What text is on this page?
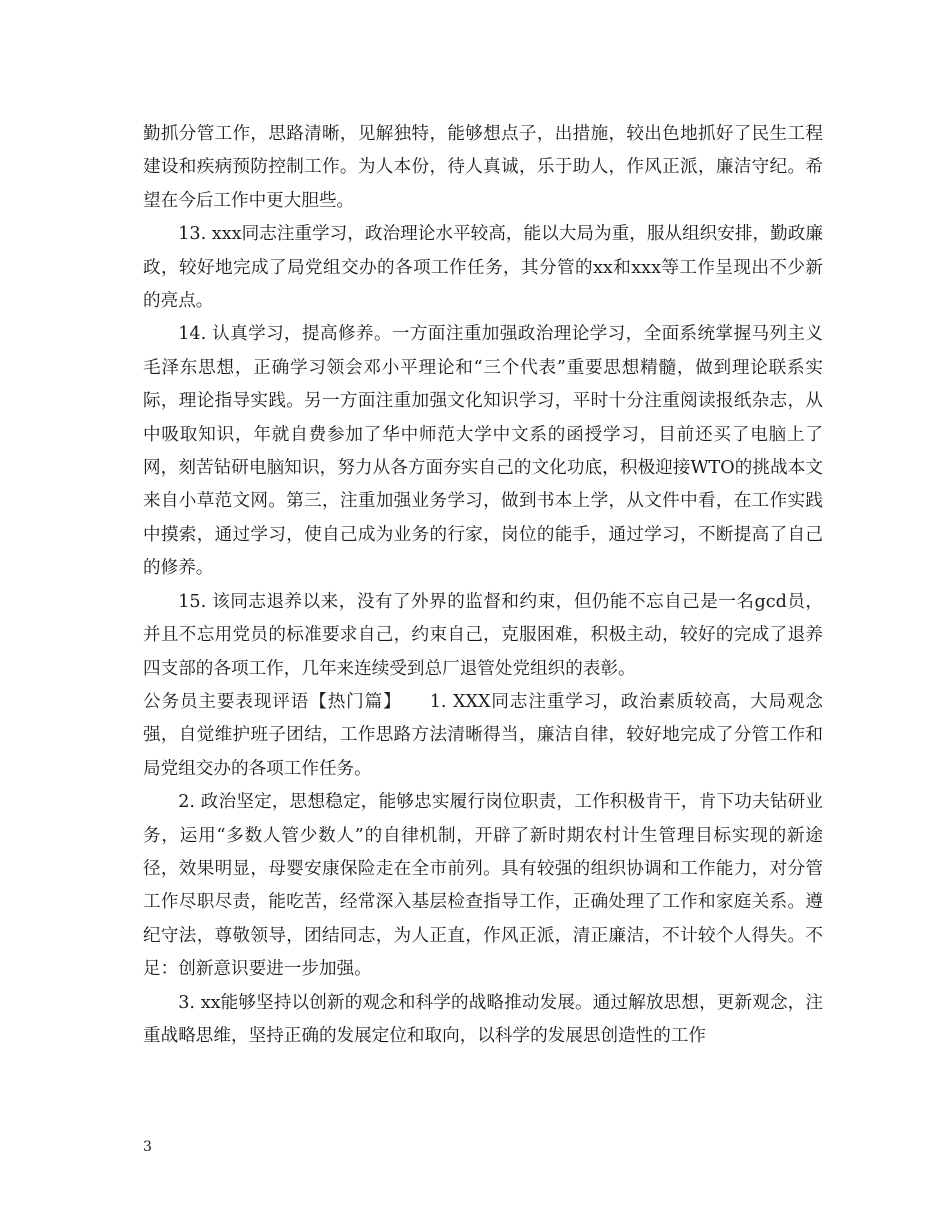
勤抓分管工作，思路清晰，见解独特，能够想点子，出措施，较出色地抓好了民生工程建设和疾病预防控制工作。为人本份，待人真诚，乐于助人，作风正派，廉洁守纪。希望在今后工作中更大胆些。

13. xxx同志注重学习，政治理论水平较高，能以大局为重，服从组织安排，勤政廉政，较好地完成了局党组交办的各项工作任务，其分管的xx和xxx等工作呈现出不少新的亮点。

14. 认真学习，提高修养。一方面注重加强政治理论学习，全面系统掌握马列主义毛泽东思想，正确学习领会邓小平理论和“三个代表”重要思想精髓，做到理论联系实际，理论指导实践。另一方面注重加强文化知识学习，平时十分注重阅读报纸杂志，从中吸取知识，年就自费参加了华中师范大学中文系的函授学习，目前还买了电脑上了网，刻苦钻研电脑知识，努力从各方面夯实自己的文化功底，积极迎接WTO的挑战本文来自小草范文网。第三，注重加强业务学习，做到书本上学，从文件中看，在工作实践中摸索，通过学习，使自己成为业务的行家，岗位的能手，通过学习，不断提高了自己的修养。

15. 该同志退养以来，没有了外界的监督和约束，但仍能不忘自己是一名gcd员，并且不忘用党员的标准要求自己，约束自己，克服困难，积极主动，较好的完成了退养四支部的各项工作，几年来连续受到总厂退管处党组织的表彰。

公务员主要表现评语【热门篇】　　1. XXX同志注重学习，政治素质较高，大局观念强，自觉维护班子团结，工作思路方法清晰得当，廉洁自律，较好地完成了分管工作和局党组交办的各项工作任务。

2. 政治坚定，思想稳定，能够忠实履行岗位职责，工作积极肯干，肯下功夫钻研业务，运用“多数人管少数人”的自律机制，开辟了新时期农村计生管理目标实现的新途径，效果明显，母婴安康保险走在全市前列。具有较强的组织协调和工作能力，对分管工作尽职尽责，能吃苦，经常深入基层检查指导工作，正确处理了工作和家庭关系。遵纪守法，尊敬领导，团结同志，为人正直，作风正派，清正廉洁，不计较个人得失。不足：创新意识要进一步加强。

3. xx能够坚持以创新的观念和科学的战略推动发展。通过解放思想，更新观念，注重战略思维，坚持正确的发展定位和取向，以科学的发展思创造性的工作

3
